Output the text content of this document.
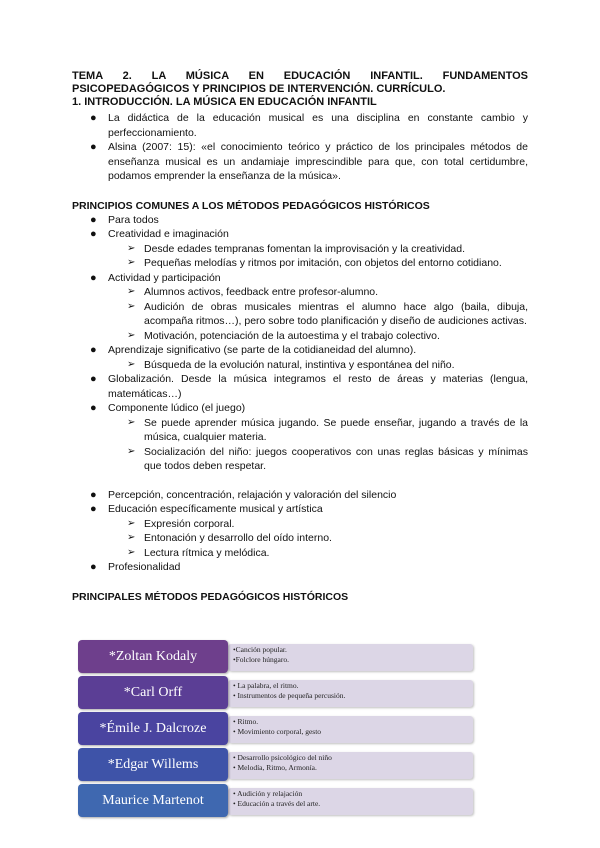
TEMA 2. LA MÚSICA EN EDUCACIÓN INFANTIL. FUNDAMENTOS
PSICOPEDAGÓGICOS Y PRINCIPIOS DE INTERVENCIÓN. CURRÍCULO.

1. INTRODUCCIÓN. LA MÚSICA EN EDUCACIÓN INFANTIL

● La didáctica de la educación musical es una disciplina en constante cambio y perfeccionamiento.
● Alsina (2007: 15): «el conocimiento teórico y práctico de los principales métodos de enseñanza musical es un andamiaje imprescindible para que, con total certidumbre, podamos emprender la enseñanza de la música».

PRINCIPIOS COMUNES A LOS MÉTODOS PEDAGÓGICOS HISTÓRICOS

● Para todos
● Creatividad e imaginación
➢ Desde edades tempranas fomentan la improvisación y la creatividad.
➢ Pequeñas melodías y ritmos por imitación, con objetos del entorno cotidiano.
● Actividad y participación
➢ Alumnos activos, feedback entre profesor-alumno.
➢ Audición de obras musicales mientras el alumno hace algo (baila, dibuja, acompaña ritmos…), pero sobre todo planificación y diseño de audiciones activas.
➢ Motivación, potenciación de la autoestima y el trabajo colectivo.
● Aprendizaje significativo (se parte de la cotidianeidad del alumno).
➢ Búsqueda de la evolución natural, instintiva y espontánea del niño.
● Globalización. Desde la música integramos el resto de áreas y materias (lengua, matemáticas…)
● Componente lúdico (el juego)
➢ Se puede aprender música jugando. Se puede enseñar, jugando a través de la música, cualquier materia.
➢ Socialización del niño: juegos cooperativos con unas reglas básicas y mínimas que todos deben respetar.
● Percepción, concentración, relajación y valoración del silencio
● Educación específicamente musical y artística
➢ Expresión corporal.
➢ Entonación y desarrollo del oído interno.
➢ Lectura rítmica y melódica.
● Profesionalidad

PRINCIPALES MÉTODOS PEDAGÓGICOS HISTÓRICOS

*Zoltan Kodaly	•Canción popular.
•Folclore húngaro.
*Carl Orff	• La palabra, el ritmo.
• Instrumentos de pequeña percusión.
*Émile J. Dalcroze	• Ritmo.
• Movimiento corporal, gesto
*Edgar Willems	• Desarrollo psicológico del niño
• Melodía, Ritmo, Armonía.
Maurice Martenot	• Audición y relajación
• Educación a través del arte.
